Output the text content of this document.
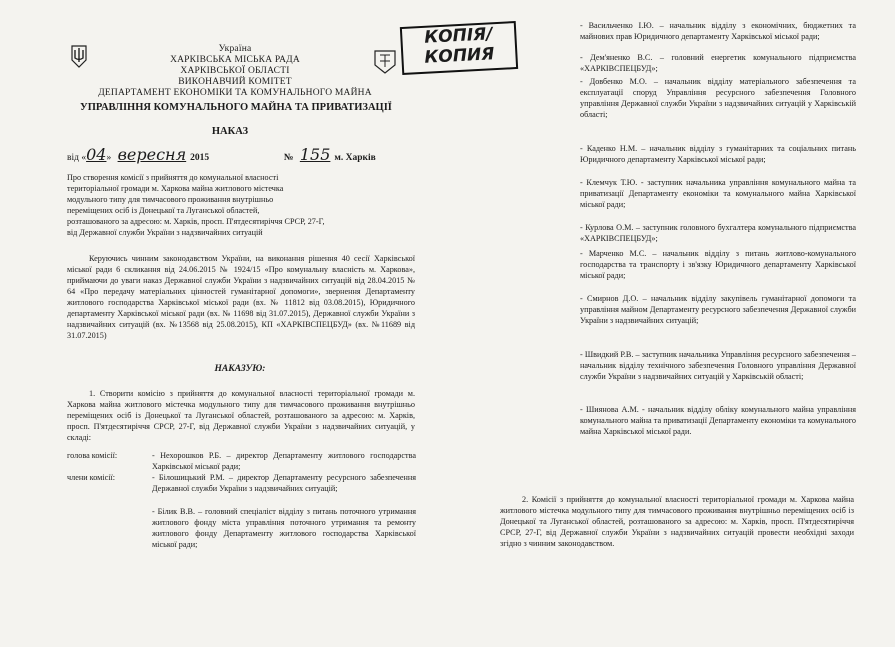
Україна
ХАРКІВСЬКА МІСЬКА РАДА
ХАРКІВСЬКОЇ ОБЛАСТІ
ВИКОНАВЧИЙ КОМІТЕТ
ДЕПАРТАМЕНТ ЕКОНОМІКИ ТА КОМУНАЛЬНОГО МАЙНА
КОПІЯ/
КОПИЯ
УПРАВЛІННЯ КОМУНАЛЬНОГО МАЙНА ТА ПРИВАТИЗАЦІЇ
НАКАЗ
від «04» вересня 2015	№ 155 м. Харків
Про створення комісії з прийняття до комунальної власності
територіальної громади м. Харкова майна житлового містечка
модульного типу для тимчасового проживання внутрішньо
переміщених осіб із Донецької та Луганської областей,
розташованого за адресою: м. Харків, просп. П'ятдесятиріччя СРСР, 27-Г,
від Державної служби України з надзвичайних ситуацій
Керуючись чинним законодавством України, на виконання рішення 40 сесії Харківської міської ради 6 скликання від 24.06.2015 № 1924/15 «Про комунальну власність м. Харкова», приймаючи до уваги наказ Державної служби України з надзвичайних ситуацій від 28.04.2015 № 64 «Про передачу матеріальних цінностей гуманітарної допомоги», звернення Департаменту житлового господарства Харківської міської ради (вх. № 11812 від 03.08.2015), Юридичного департаменту Харківської міської ради (вх. № 11698 від 31.07.2015), Державної служби України з надзвичайних ситуацій (вх. №13568 від 25.08.2015), КП «ХАРКІВСПЕЦБУД» (вх. №11689 від 31.07.2015)
НАКАЗУЮ:
1. Створити комісію з прийняття до комунальної власності територіальної громади м. Харкова майна житлового містечка модульного типу для тимчасового проживання внутрішньо переміщених осіб із Донецької та Луганської областей, розташованого за адресою: м. Харків, просп. П'ятдесятиріччя СРСР, 27-Г, від Державної служби України з надзвичайних ситуацій, у складі:
голова комісії:	- Нехорошков Р.Б. – директор Департаменту житлового господарства Харківської міської ради;
члени комісії:	- Білошицький Р.М. – директор Департаменту ресурсного забезпечення Державної служби України з надзвичайних ситуацій;
- Білик В.В. – головний спеціаліст відділу з питань поточного утримання житлового фонду міста управління поточного утримання та ремонту житлового фонду Департаменту житлового господарства Харківської міської ради;
- Васильченко І.Ю. – начальник відділу з економічних, бюджетних та майнових прав Юридичного департаменту Харківської міської ради;
- Дем'яненко В.С. – головний енергетик комунального підприємства «ХАРКІВСПЕЦБУД»;
- Довбенко М.О. – начальник відділу матеріального забезпечення та експлуатації споруд Управління ресурсного забезпечення Головного управління Державної служби України з надзвичайних ситуацій у Харківській області;
- Каденко Н.М. – начальник відділу з гуманітарних та соціальних питань Юридичного департаменту Харківської міської ради;
- Клемчук Т.Ю. - заступник начальника управління комунального майна та приватизації Департаменту економіки та комунального майна Харківської міської ради;
- Курлова О.М. – заступник головного бухгалтера комунального підприємства «ХАРКІВСПЕЦБУД»;
- Марченко М.С. – начальник відділу з питань житлово-комунального господарства та транспорту і зв'язку Юридичного департаменту Харківської міської ради;
- Смирнов Д.О. – начальник відділу закупівель гуманітарної допомоги та управління майном Департаменту ресурсного забезпечення Державної служби України з надзвичайних ситуацій;
- Швидкий Р.В. – заступник начальника Управління ресурсного забезпечення – начальник відділу технічного забезпечення Головного управління Державної служби України з надзвичайних ситуацій у Харківській області;
- Шиянова А.М. - начальник відділу обліку комунального майна управління комунального майна та приватизації Департаменту економіки та комунального майна Харківської міської ради.
2. Комісії з прийняття до комунальної власності територіальної громади м. Харкова майна житлового містечка модульного типу для тимчасового проживання внутрішньо переміщених осіб із Донецької та Луганської областей, розташованого за адресою: м. Харків, просп. П'ятдесятиріччя СРСР, 27-Г, від Державної служби України з надзвичайних ситуацій провести необхідні заходи згідно з чинним законодавством.
